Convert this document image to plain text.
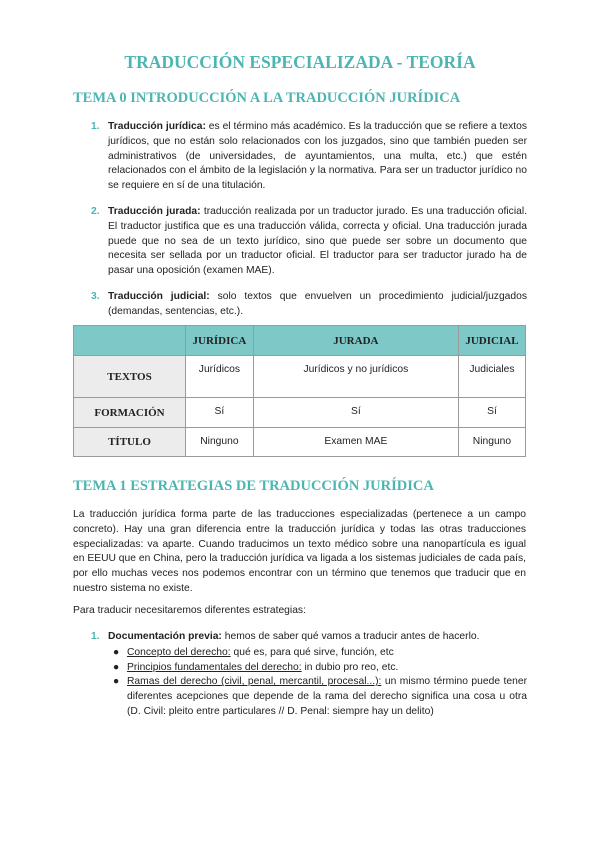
TRADUCCIÓN ESPECIALIZADA - TEORÍA
TEMA 0 INTRODUCCIÓN A LA TRADUCCIÓN JURÍDICA
1. Traducción jurídica: es el término más académico. Es la traducción que se refiere a textos jurídicos, que no están solo relacionados con los juzgados, sino que también pueden ser administrativos (de universidades, de ayuntamientos, una multa, etc.) que estén relacionados con el ámbito de la legislación y la normativa. Para ser un traductor jurídico no se requiere en sí de una titulación.
2. Traducción jurada: traducción realizada por un traductor jurado. Es una traducción oficial. El traductor justifica que es una traducción válida, correcta y oficial. Una traducción jurada puede que no sea de un texto jurídico, sino que puede ser sobre un documento que necesita ser sellada por un traductor oficial. El traductor para ser traductor jurado ha de pasar una oposición (examen MAE).
3. Traducción judicial: solo textos que envuelven un procedimiento judicial/juzgados (demandas, sentencias, etc.).
	JURÍDICA	JURADA	JUDICIAL
TEXTOS	Jurídicos	Jurídicos y no jurídicos	Judiciales
FORMACIÓN	Sí	Sí	Sí
TÍTULO	Ninguno	Examen MAE	Ninguno
TEMA 1 ESTRATEGIAS DE TRADUCCIÓN JURÍDICA

La traducción jurídica forma parte de las traducciones especializadas (pertenece a un campo concreto). Hay una gran diferencia entre la traducción jurídica y todas las otras traducciones especializadas: va aparte. Cuando traducimos un texto médico sobre una nanopartícula es igual en EEUU que en China, pero la traducción jurídica va ligada a los sistemas judiciales de cada país, por ello muchas veces nos podemos encontrar con un término que tenemos que traducir que en nuestro sistema no existe.

Para traducir necesitaremos diferentes estrategias:

1. Documentación previa: hemos de saber qué vamos a traducir antes de hacerlo.
● Concepto del derecho: qué es, para qué sirve, función, etc
● Principios fundamentales del derecho: in dubio pro reo, etc.
● Ramas del derecho (civil, penal, mercantil, procesal...): un mismo término puede tener diferentes acepciones que depende de la rama del derecho significa una cosa u otra (D. Civil: pleito entre particulares // D. Penal: siempre hay un delito)
